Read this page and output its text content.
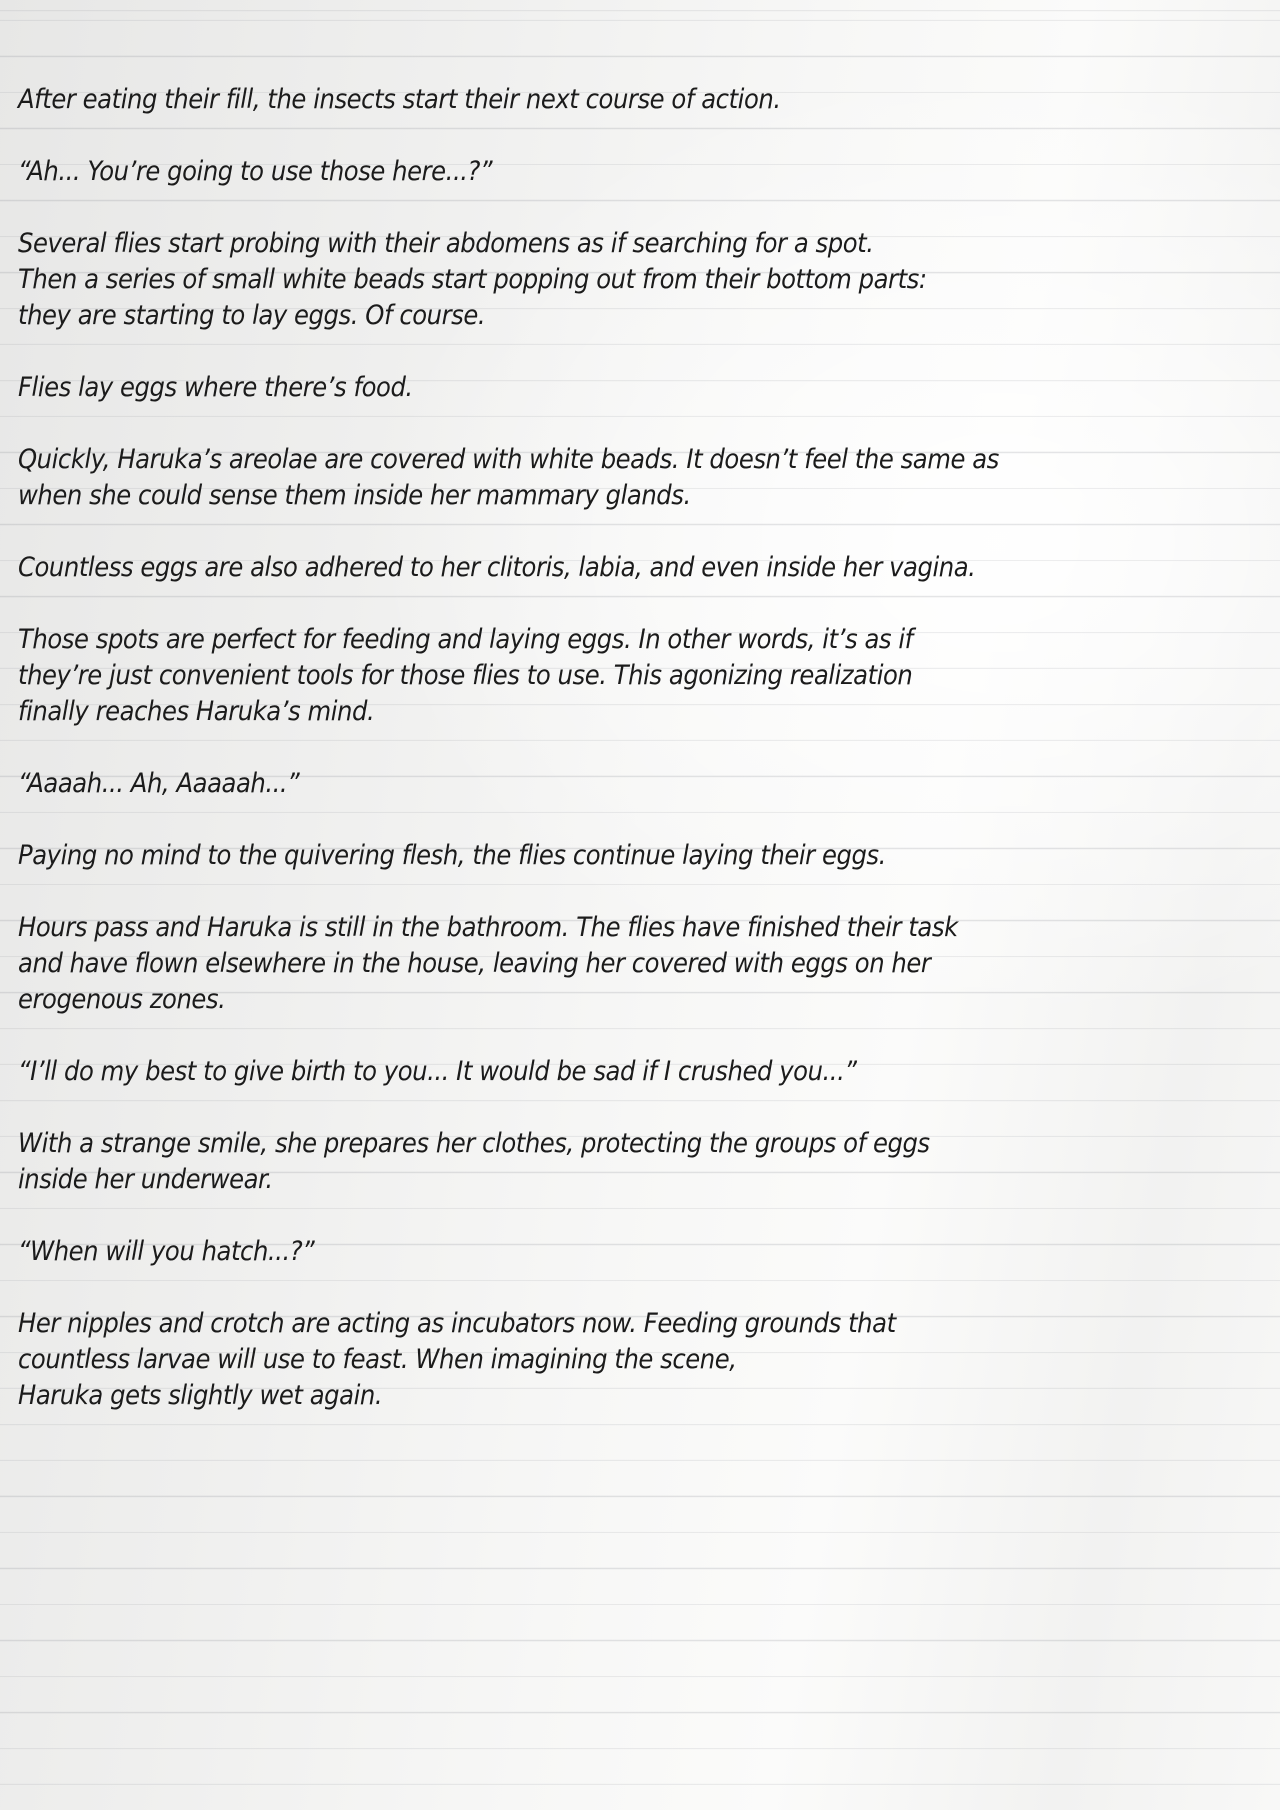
After eating their fill, the insects start their next course of action.
“Ah... You’re going to use those here...?”
Several flies start probing with their abdomens as if searching for a spot.
Then a series of small white beads start popping out from their bottom parts:
they are starting to lay eggs. Of course.
Flies lay eggs where there’s food.
Quickly, Haruka’s areolae are covered with white beads. It doesn’t feel the same as
when she could sense them inside her mammary glands.
Countless eggs are also adhered to her clitoris, labia, and even inside her vagina.
Those spots are perfect for feeding and laying eggs. In other words, it’s as if
they’re just convenient tools for those flies to use. This agonizing realization
finally reaches Haruka’s mind.
“Aaaah... Ah, Aaaaah...”
Paying no mind to the quivering flesh, the flies continue laying their eggs.
Hours pass and Haruka is still in the bathroom. The flies have finished their task
and have flown elsewhere in the house, leaving her covered with eggs on her
erogenous zones.
“I’ll do my best to give birth to you... It would be sad if I crushed you...”
With a strange smile, she prepares her clothes, protecting the groups of eggs
inside her underwear.
“When will you hatch...?”
Her nipples and crotch are acting as incubators now. Feeding grounds that
countless larvae will use to feast. When imagining the scene,
Haruka gets slightly wet again.
